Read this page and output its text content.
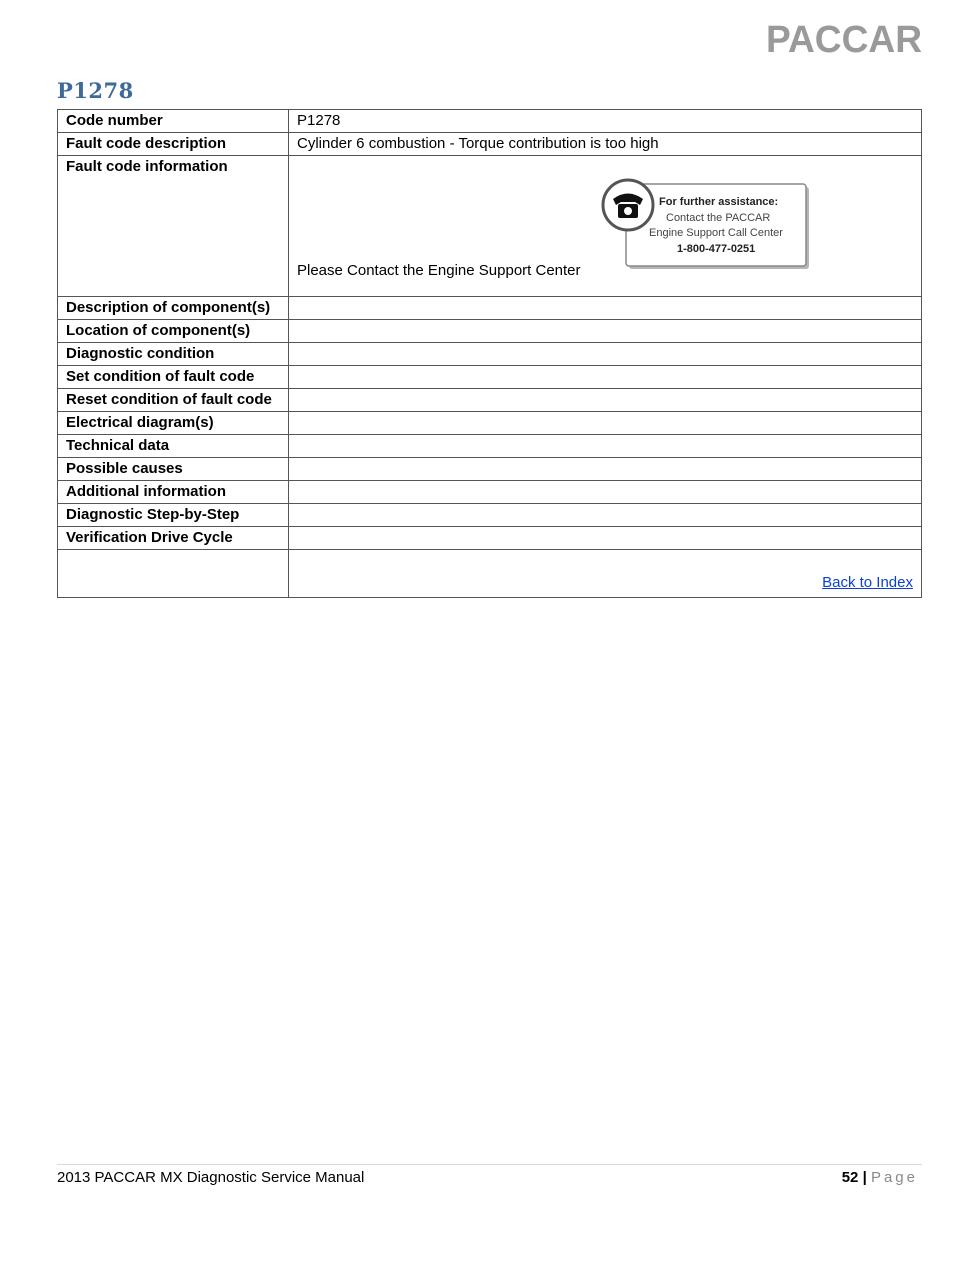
PACCAR
P1278
Code number	P1278
Fault code description	Cylinder 6 combustion - Torque contribution is too high
Fault code information	Please Contact the Engine Support Center
For further assistance:
Contact the PACCAR
Engine Support Call Center
1-800-477-0251

Description of component(s)	
Location of component(s)	
Diagnostic condition	
Set condition of fault code	
Reset condition of fault code	
Electrical diagram(s)	
Technical data	
Possible causes	
Additional information	
Diagnostic Step-by-Step	
Verification Drive Cycle	

	Back to Index
2013 PACCAR MX Diagnostic Service Manual	52 | Page
